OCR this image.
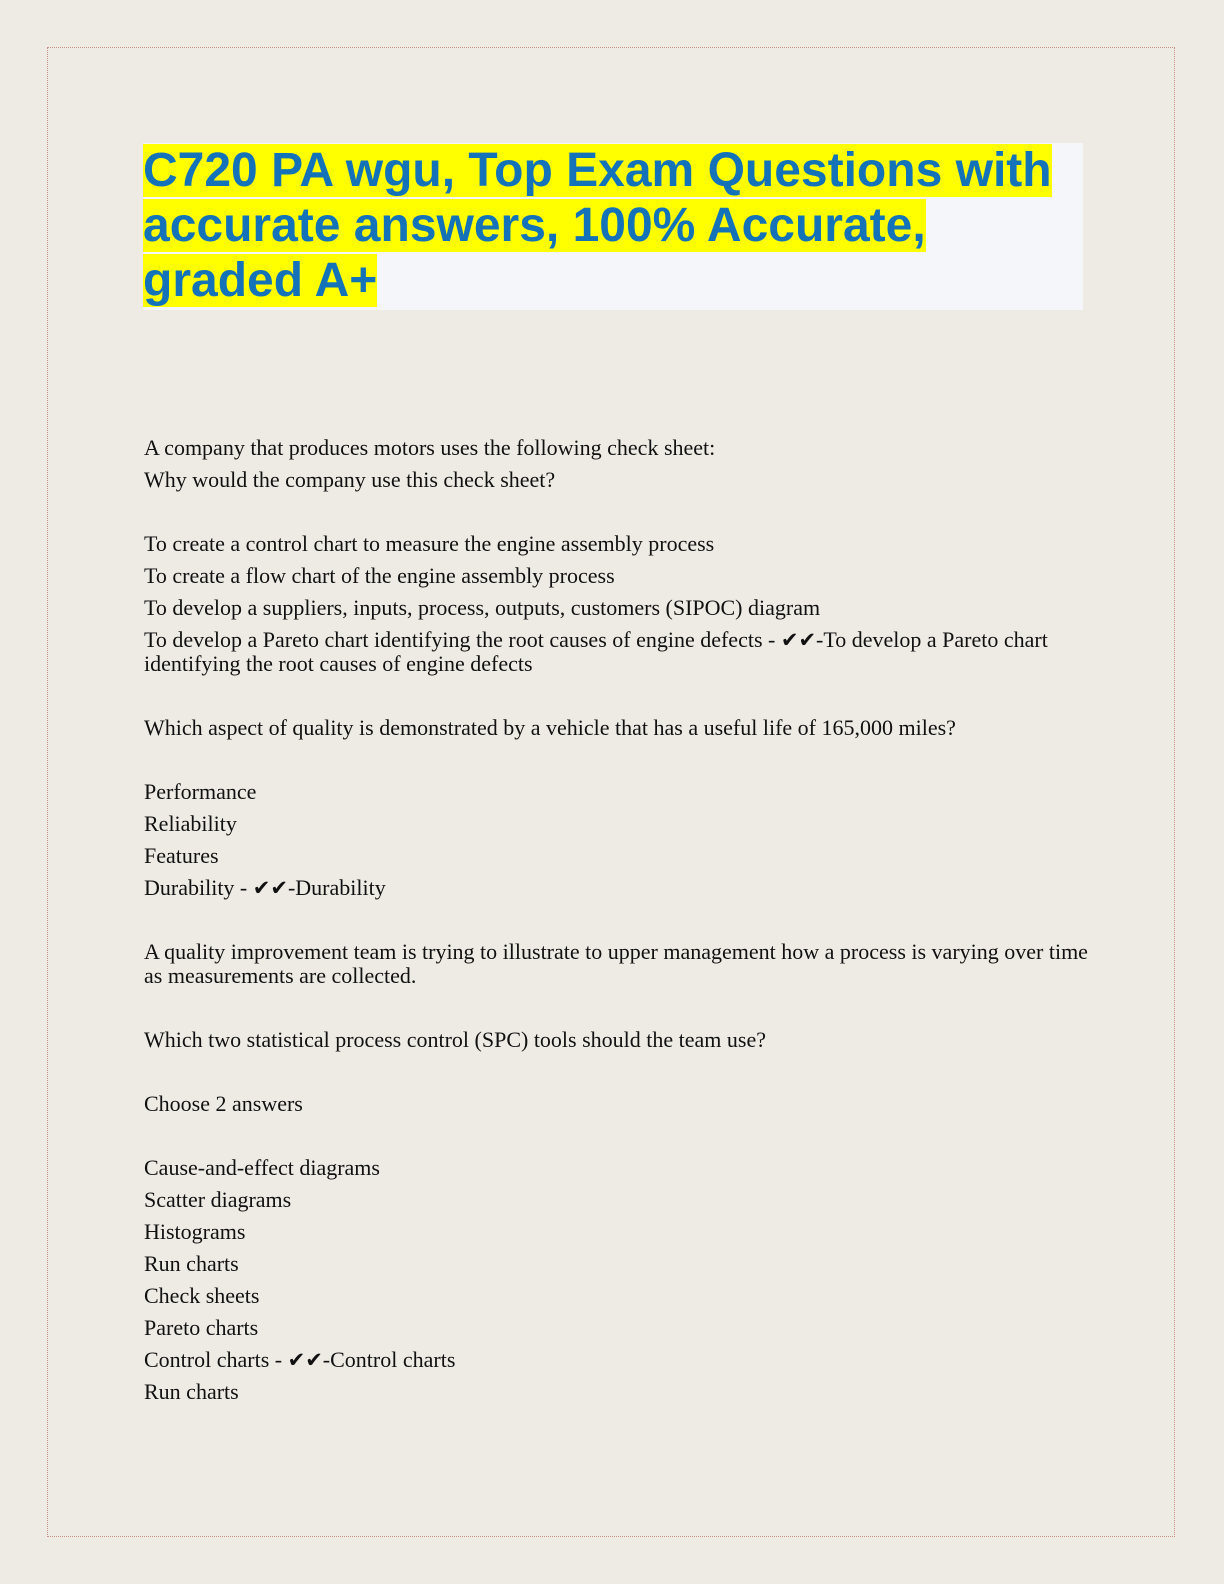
C720 PA wgu, Top Exam Questions with accurate answers, 100% Accurate, graded A+
A company that produces motors uses the following check sheet:
Why would the company use this check sheet?
To create a control chart to measure the engine assembly process
To create a flow chart of the engine assembly process
To develop a suppliers, inputs, process, outputs, customers (SIPOC) diagram
To develop a Pareto chart identifying the root causes of engine defects - ✔✔-To develop a Pareto chart identifying the root causes of engine defects
Which aspect of quality is demonstrated by a vehicle that has a useful life of 165,000 miles?
Performance
Reliability
Features
Durability - ✔✔-Durability
A quality improvement team is trying to illustrate to upper management how a process is varying over time as measurements are collected.
Which two statistical process control (SPC) tools should the team use?
Choose 2 answers
Cause-and-effect diagrams
Scatter diagrams
Histograms
Run charts
Check sheets
Pareto charts
Control charts - ✔✔-Control charts
Run charts
